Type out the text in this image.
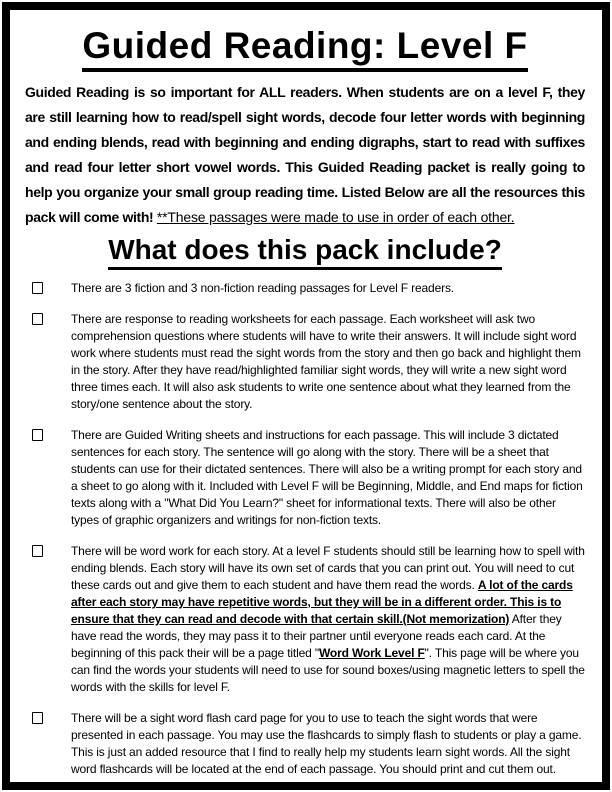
Guided Reading: Level F

Guided Reading is so important for ALL readers. When students are on a level F, they are still learning how to read/spell sight words, decode four letter words with beginning and ending blends, read with beginning and ending digraphs, start to read with suffixes and read four letter short vowel words. This Guided Reading packet is really going to help you organize your small group reading time. Listed Below are all the resources this pack will come with! **These passages were made to use in order of each other.

What does this pack include?
There are 3 fiction and 3 non-fiction reading passages for Level F readers.
There are response to reading worksheets for each passage. Each worksheet will ask two comprehension questions where students will have to write their answers. It will include sight word work where students must read the sight words from the story and then go back and highlight them in the story. After they have read/highlighted familiar sight words, they will write a new sight word three times each. It will also ask students to write one sentence about what they learned from the story/one sentence about the story.
There are Guided Writing sheets and instructions for each passage. This will include 3 dictated sentences for each story. The sentence will go along with the story. There will be a sheet that students can use for their dictated sentences. There will also be a writing prompt for each story and a sheet to go along with it. Included with Level F will be Beginning, Middle, and End maps for fiction texts along with a "What Did You Learn?" sheet for informational texts. There will also be other types of graphic organizers and writings for non-fiction texts.
There will be word work for each story. At a level F students should still be learning how to spell with ending blends. Each story will have its own set of cards that you can print out. You will need to cut these cards out and give them to each student and have them read the words. A lot of the cards after each story may have repetitive words, but they will be in a different order. This is to ensure that they can read and decode with that certain skill.(Not memorization) After they have read the words, they may pass it to their partner until everyone reads each card. At the beginning of this pack their will be a page titled "Word Work Level F". This page will be where you can find the words your students will need to use for sound boxes/using magnetic letters to spell the words with the skills for level F.
There will be a sight word flash card page for you to use to teach the sight words that were presented in each passage. You may use the flashcards to simply flash to students or play a game. This is just an added resource that I find to really help my students learn sight words. All the sight word flashcards will be located at the end of each passage. You should print and cut them out.
